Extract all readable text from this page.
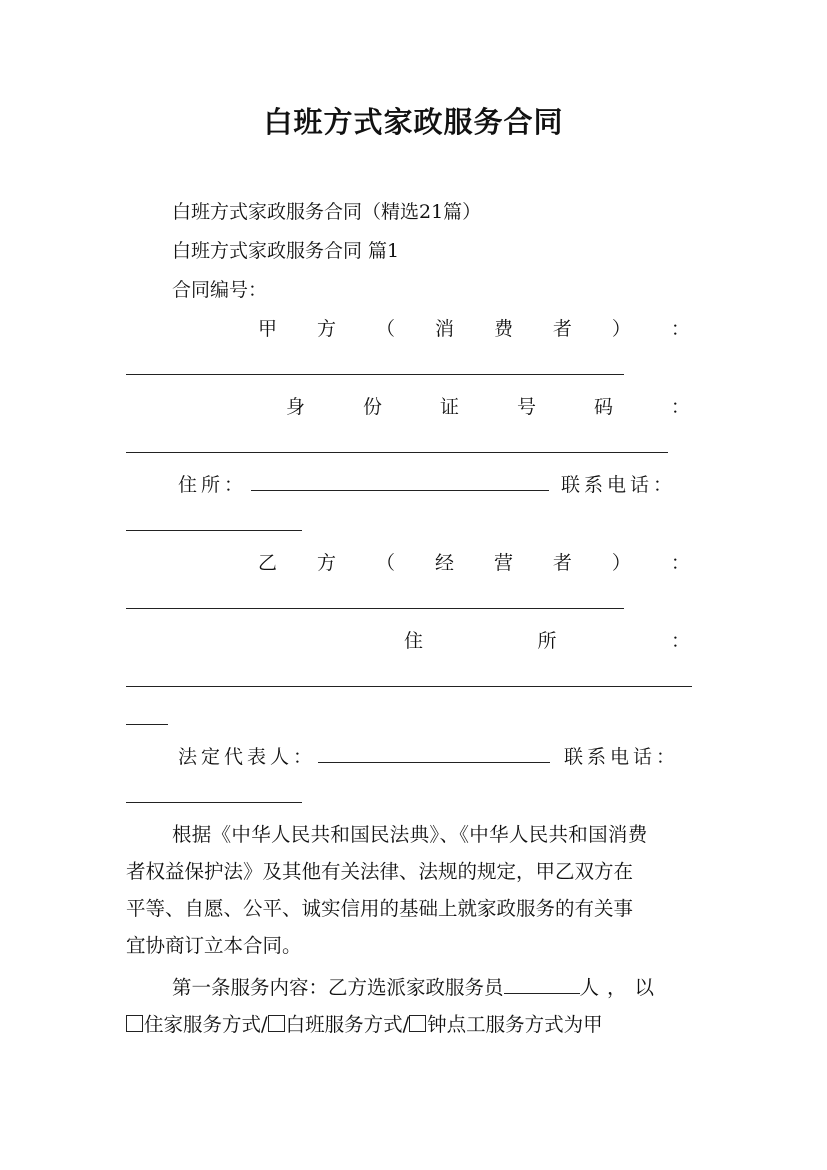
白班方式家政服务合同
白班方式家政服务合同（精选21篇）
白班方式家政服务合同 篇1
合同编号：
甲 方 （ 消 费 者 ） ：
身	份	证	号	码	：
住所：	联系电话：
乙 方 （ 经 营 者 ） ：
住	所	：
法定代表人：	联系电话：
根据《中华人民共和国民法典》、《中华人民共和国消费
者权益保护法》及其他有关法律、法规的规定，甲乙双方在
平等、自愿、公平、诚实信用的基础上就家政服务的有关事
宜协商订立本合同。
第一条服务内容：乙方选派家政服务员	人，以
住家服务方式/ 白班服务方式/ 钟点工服务方式为甲
